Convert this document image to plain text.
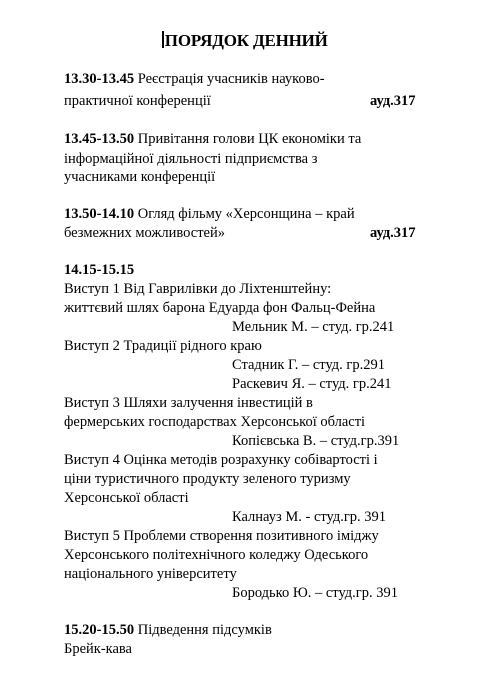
ПОРЯДОК ДЕННИЙ
13.30-13.45 Реєстрація учасників науково-
практичної конференції	ауд.317
13.45-13.50 Привітання голови ЦК економіки та
інформаційної діяльності підприємства з
учасниками конференції
13.50-14.10 Огляд фільму «Херсонщина – край
безмежних можливостей»	ауд.317
14.15-15.15
Виступ 1 Від Гаврилівки до Ліхтенштейну:
життєвий шлях барона Едуарда фон Фальц-Фейна
Мельник М. – студ. гр.241
Виступ 2 Традиції рідного краю
Стадник Г. – студ. гр.291
Раскевич Я. – студ. гр.241
Виступ 3 Шляхи залучення інвестицій в
фермерських господарствах Херсонської області
Копієвська В. – студ.гр.391
Виступ 4 Оцінка методів розрахунку собівартості і
ціни туристичного продукту зеленого туризму
Херсонської області
Калнауз М. - студ.гр. 391
Виступ 5 Проблеми створення позитивного іміджу
Херсонського політехнічного коледжу Одеського
національного університету
Бородько Ю. – студ.гр. 391
15.20-15.50 Підведення підсумків
Брейк-кава
